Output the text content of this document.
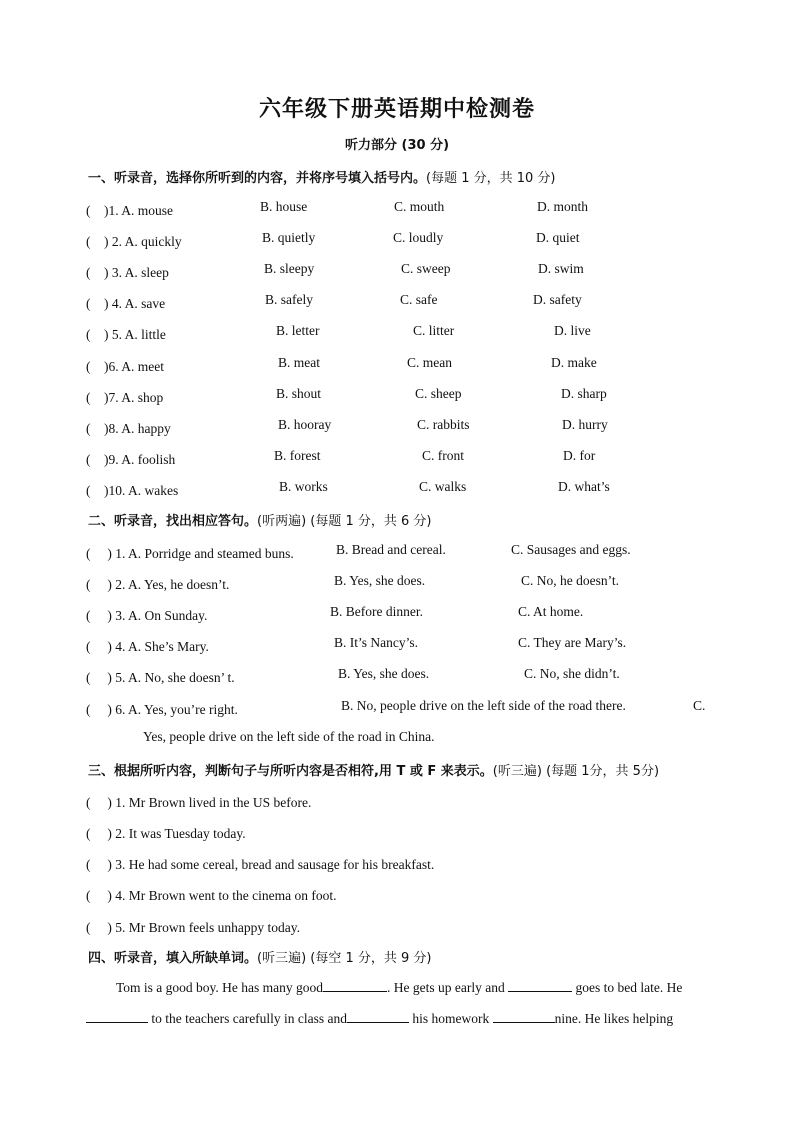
六年级下册英语期中检测卷
听力部分 (30 分)
一、听录音，选择你所听到的内容，并将序号填入括号内。(每题 1 分，共 10 分)
(　)1. A. mouse	B. house	C. mouth	D. month
(　) 2. A. quickly	B. quietly	C. loudly	D. quiet
(　) 3. A. sleep	B. sleepy	C. sweep	D. swim
(　) 4. A. save	B. safely	C. safe	D. safety
(　) 5. A. little	B. letter	C. litter	D. live
(　)6. A. meet	B. meat	C. mean	D. make
(　)7. A. shop	B. shout	C. sheep	D. sharp
(　)8. A. happy	B. hooray	C. rabbits	D. hurry
(　)9. A. foolish	B. forest	C. front	D. for
(　)10. A. wakes	B. works	C. walks	D. what’s
二、听录音，找出相应答句。(听两遍) (每题 1 分，共 6 分)
(　 ) 1. A. Porridge and steamed buns.	B. Bread and cereal.	C. Sausages and eggs.
(　 ) 2. A. Yes, he doesn’t.	B. Yes, she does.	C. No, he doesn’t.
(　 ) 3. A. On Sunday.	B. Before dinner.	C. At home.
(　 ) 4. A. She’s Mary.	B. It’s Nancy’s.	C. They are Mary’s.
(　 ) 5. A. No, she doesn’ t.	B. Yes, she does.	C. No, she didn’t.
(　 ) 6. A. Yes, you’re right.	B. No, people drive on the left side of the road there.	C.
Yes, people drive on the left side of the road in China.
三、根据所听内容，判断句子与所听内容是否相符,用 T 或 F 来表示。(听三遍) (每题 1分，共 5分)
(　 ) 1. Mr Brown lived in the US before.
(　 ) 2. It was Tuesday today.
(　 ) 3. He had some cereal, bread and sausage for his breakfast.
(　 ) 4. Mr Brown went to the cinema on foot.
(　 ) 5. Mr Brown feels unhappy today.
四、听录音，填入所缺单词。(听三遍) (每空 1 分，共 9 分)
Tom is a good boy. He has many good	. He gets up early and	goes to bed late. He
to the teachers carefully in class and	his homework	nine. He likes helping
